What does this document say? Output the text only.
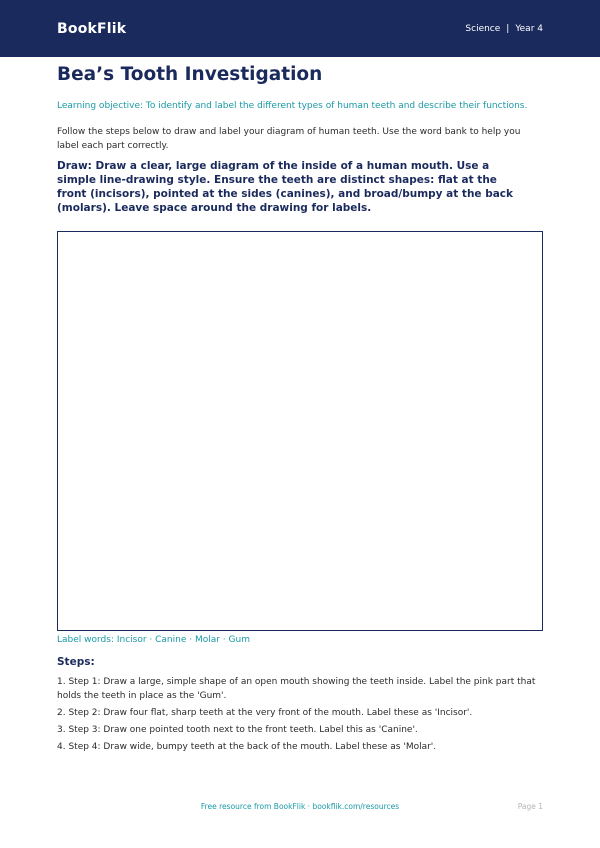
BookFlik	Science | Year 4
Bea’s Tooth Investigation

Learning objective: To identify and label the different types of human teeth and describe their functions.

Follow the steps below to draw and label your diagram of human teeth. Use the word bank to help you label each part correctly.

Draw: Draw a clear, large diagram of the inside of a human mouth. Use a simple line-drawing style. Ensure the teeth are distinct shapes: flat at the front (incisors), pointed at the sides (canines), and broad/bumpy at the back (molars). Leave space around the drawing for labels.

Label words: Incisor · Canine · Molar · Gum

Steps:
1. Step 1: Draw a large, simple shape of an open mouth showing the teeth inside. Label the pink part that holds the teeth in place as the 'Gum'.
2. Step 2: Draw four flat, sharp teeth at the very front of the mouth. Label these as 'Incisor'.
3. Step 3: Draw one pointed tooth next to the front teeth. Label this as 'Canine'.
4. Step 4: Draw wide, bumpy teeth at the back of the mouth. Label these as 'Molar'.
Free resource from BookFlik · bookflik.com/resources	Page 1
